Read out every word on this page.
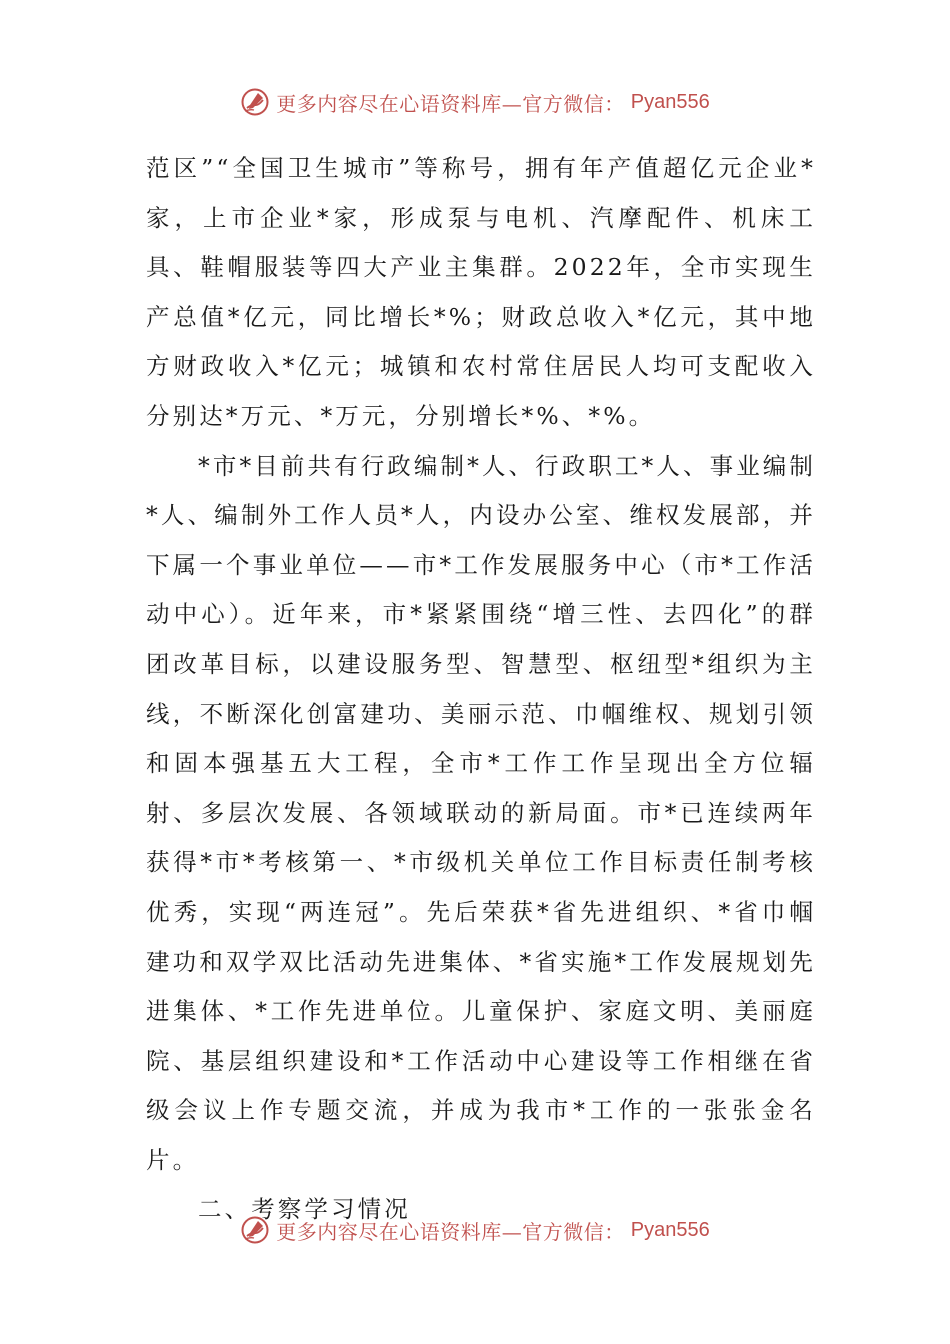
更多内容尽在心语资料库—官方微信： Pyan556

范区”“全国卫生城市”等称号，拥有年产值超亿元企业*家，上市企业*家，形成泵与电机、汽摩配件、机床工具、鞋帽服装等四大产业主集群。2022年，全市实现生产总值*亿元，同比增长*%；财政总收入*亿元，其中地方财政收入*亿元；城镇和农村常住居民人均可支配收入分别达*万元、*万元，分别增长*%、*%。

*市*目前共有行政编制*人、行政职工*人、事业编制*人、编制外工作人员*人，内设办公室、维权发展部，并下属一个事业单位——市*工作发展服务中心（市*工作活动中心）。近年来，市*紧紧围绕“增三性、去四化”的群团改革目标，以建设服务型、智慧型、枢纽型*组织为主线，不断深化创富建功、美丽示范、巾帼维权、规划引领和固本强基五大工程，全市*工作工作呈现出全方位辐射、多层次发展、各领域联动的新局面。市*已连续两年获得*市*考核第一、*市级机关单位工作目标责任制考核优秀，实现“两连冠”。先后荣获*省先进组织、*省巾帼建功和双学双比活动先进集体、*省实施*工作发展规划先进集体、*工作先进单位。儿童保护、家庭文明、美丽庭院、基层组织建设和*工作活动中心建设等工作相继在省级会议上作专题交流，并成为我市*工作的一张张金名片。

二、考察学习情况

更多内容尽在心语资料库—官方微信： Pyan556
